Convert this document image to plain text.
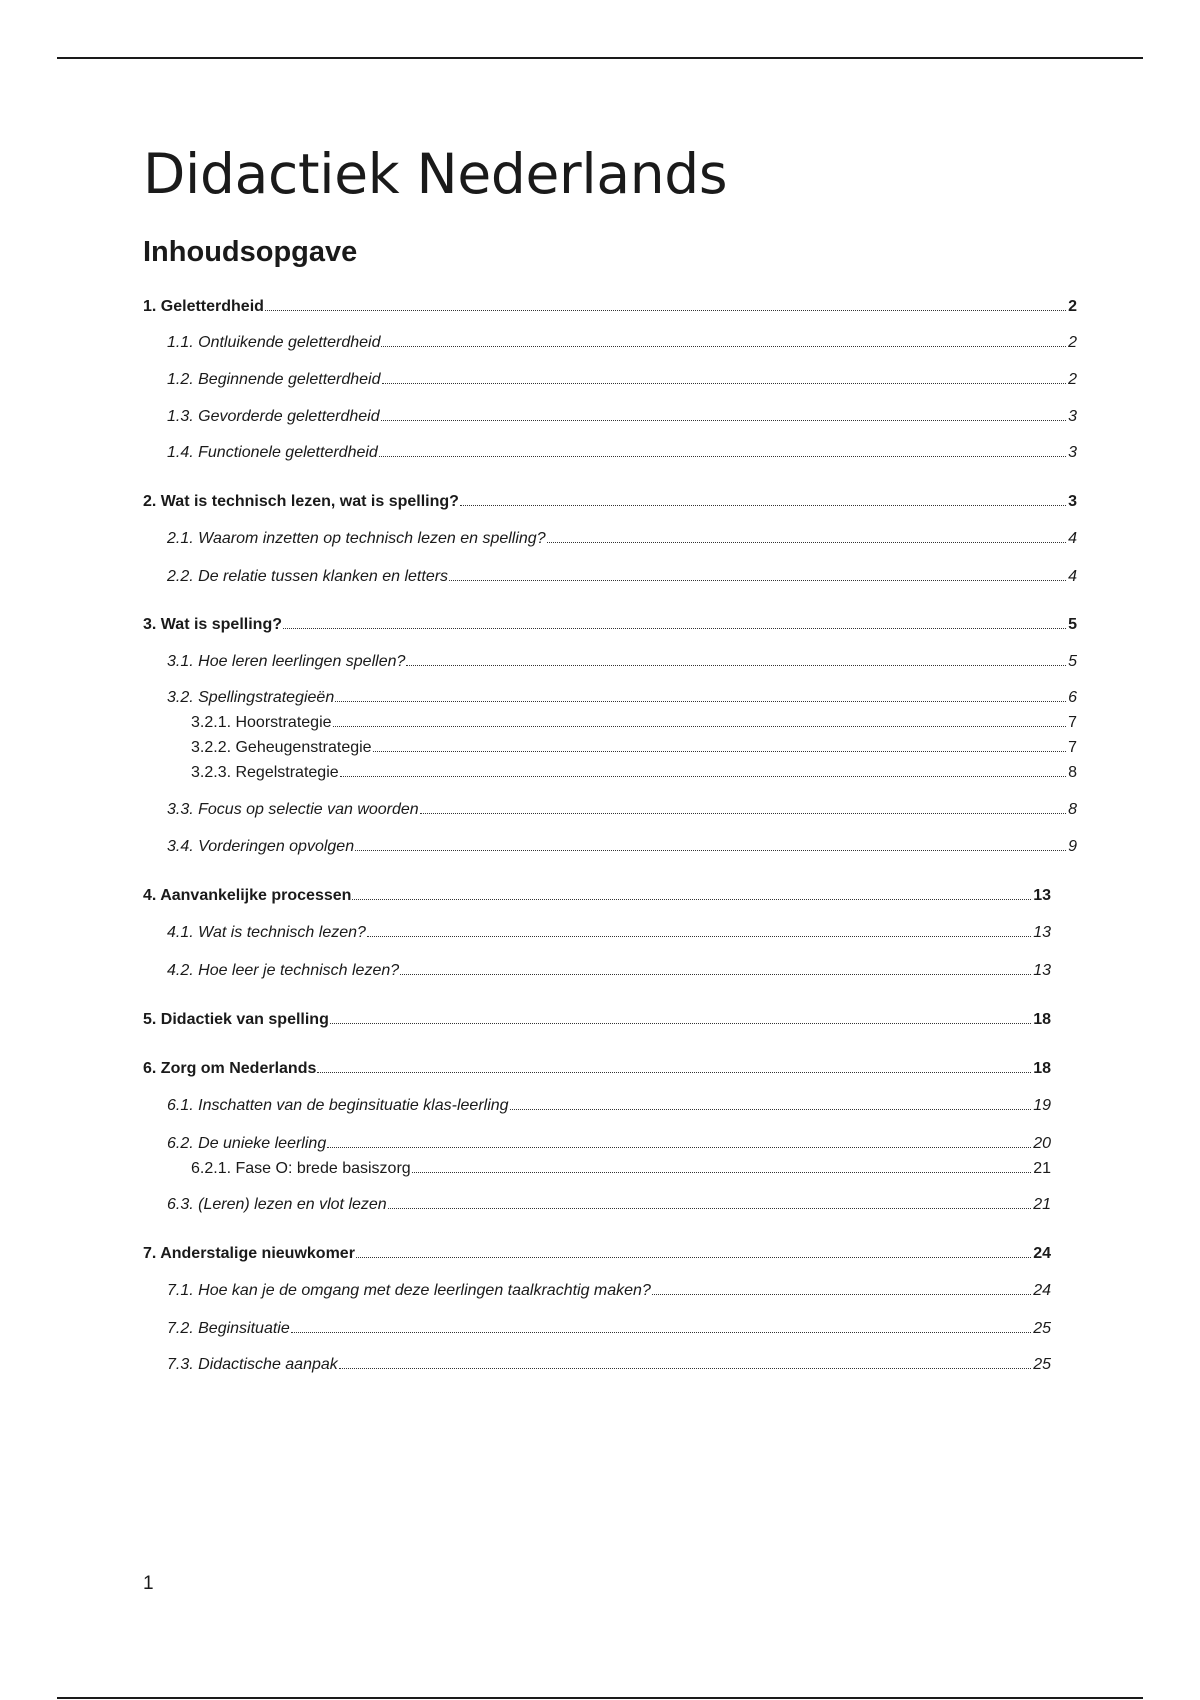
Didactiek Nederlands
Inhoudsopgave
1. Geletterdheid	2
1.1. Ontluikende geletterdheid	2
1.2. Beginnende geletterdheid	2
1.3. Gevorderde geletterdheid	3
1.4. Functionele geletterdheid	3
2. Wat is technisch lezen, wat is spelling?	3
2.1. Waarom inzetten op technisch lezen en spelling?	4
2.2. De relatie tussen klanken en letters	4
3. Wat is spelling?	5
3.1. Hoe leren leerlingen spellen?	5
3.2. Spellingstrategieën	6
3.2.1. Hoorstrategie	7
3.2.2. Geheugenstrategie	7
3.2.3. Regelstrategie	8
3.3. Focus op selectie van woorden	8
3.4. Vorderingen opvolgen	9
4. Aanvankelijke processen	13
4.1. Wat is technisch lezen?	13
4.2. Hoe leer je technisch lezen?	13
5. Didactiek van spelling	18
6. Zorg om Nederlands	18
6.1. Inschatten van de beginsituatie klas-leerling	19
6.2. De unieke leerling	20
6.2.1. Fase O: brede basiszorg	21
6.3. (Leren) lezen en vlot lezen	21
7. Anderstalige nieuwkomer	24
7.1. Hoe kan je de omgang met deze leerlingen taalkrachtig maken?	24
7.2. Beginsituatie	25
7.3. Didactische aanpak	25
1
